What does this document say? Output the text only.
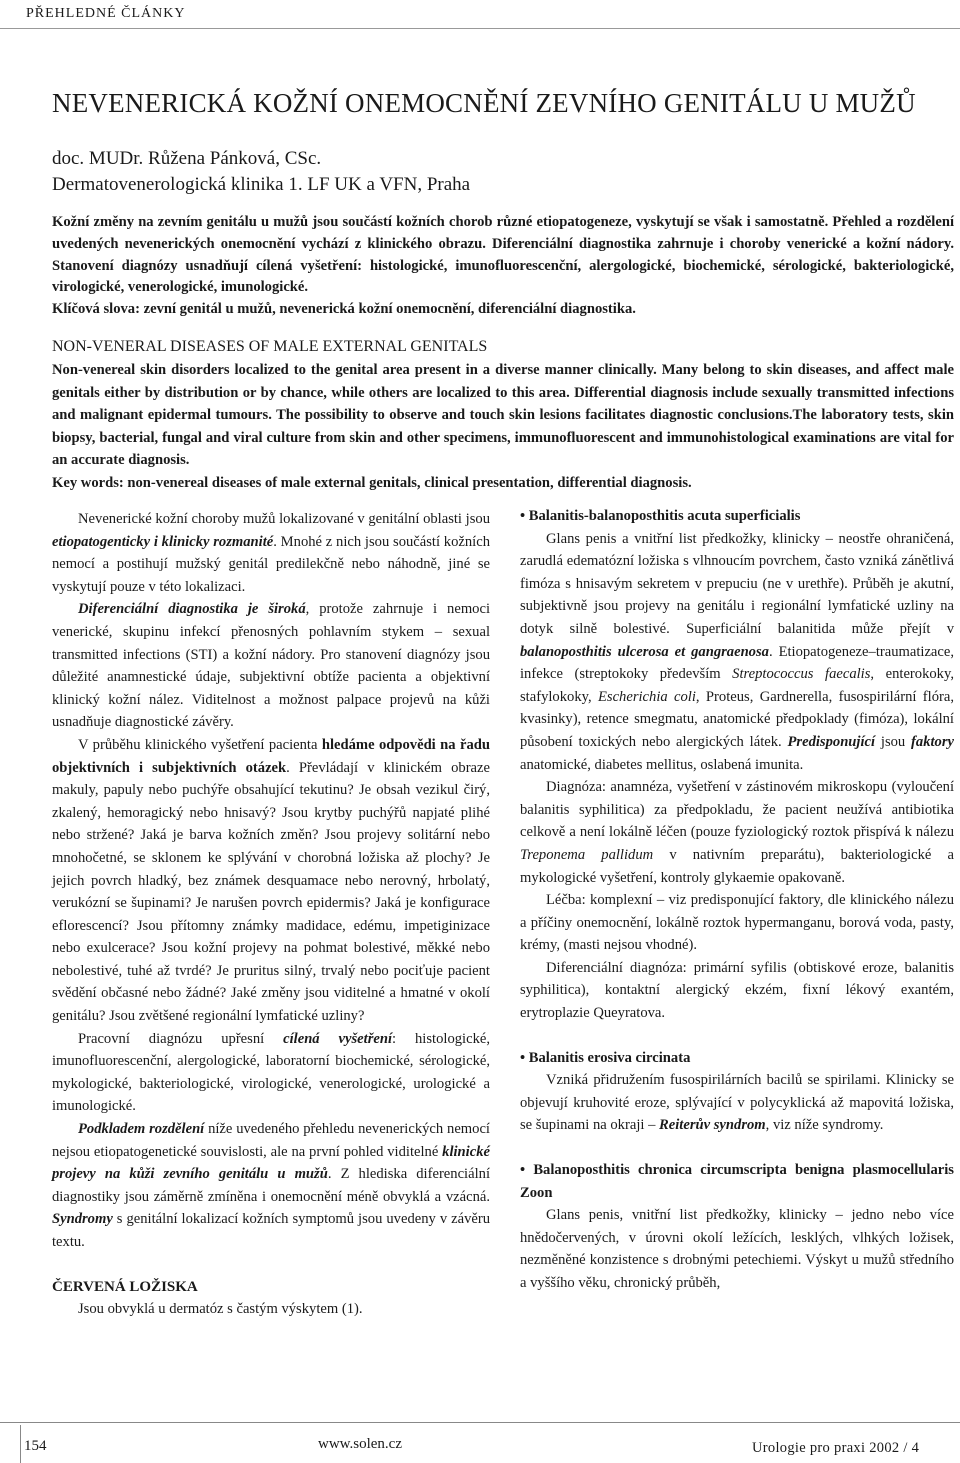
PŘEHLEDNÉ ČLÁNKY
NEVENERICKÁ KOŽNÍ ONEMOCNĚNÍ ZEVNÍHO GENITÁLU U MUŽŮ
doc. MUDr. Růžena Pánková, CSc.
Dermatovenerologická klinika 1. LF UK a VFN, Praha

Kožní změny na zevním genitálu u mužů jsou součástí kožních chorob různé etiopatogeneze, vyskytují se však i samostatně. Přehled a rozdělení uvedených nevenerických onemocnění vychází z klinického obrazu. Diferenciální diagnostika zahrnuje i choroby venerické a kožní nádory. Stanovení diagnózy usnadňují cílená vyšetření: histologické, imunofluorescenční, alergologické, biochemické, sérologické, bakteriologické, virologické, venerologické, imunologické.

Klíčová slova: zevní genitál u mužů, nevenerická kožní onemocnění, diferenciální diagnostika.

NON-VENERAL DISEASES OF MALE EXTERNAL GENITALS

Non-venereal skin disorders localized to the genital area present in a diverse manner clinically. Many belong to skin diseases, and affect male genitals either by distribution or by chance, while others are localized to this area. Differential diagnosis include sexually transmitted infections and malignant epidermal tumours. The possibility to observe and touch skin lesions facilitates diagnostic conclusions.The laboratory tests, skin biopsy, bacterial, fungal and viral culture from skin and other specimens, immunofluorescent and immunohistological examinations are vital for an accurate diagnosis.

Key words: non-venereal diseases of male external genitals, clinical presentation, differential diagnosis.

Nevenerické kožní choroby mužů lokalizované v genitální oblasti jsou etiopatogenticky i klinicky rozmanité. Mnohé z nich jsou součástí kožních nemocí a postihují mužský genitál predilekčně nebo náhodně, jiné se vyskytují pouze v této lokalizaci.

Diferenciální diagnostika je široká, protože zahrnuje i nemoci venerické, skupinu infekcí přenosných pohlavním stykem – sexual transmitted infections (STI) a kožní nádory. Pro stanovení diagnózy jsou důležité anamnestické údaje, subjektivní obtíže pacienta a objektivní klinický kožní nález. Viditelnost a možnost palpace projevů na kůži usnadňuje diagnostické závěry.

V průběhu klinického vyšetření pacienta hledáme odpovědi na řadu objektivních i subjektivních otázek. Převládají v klinickém obraze makuly, papuly nebo puchýře obsahující tekutinu? Je obsah vezikul čirý, zkalený, hemoragický nebo hnisavý? Jsou krytby puchýřů napjaté plihé nebo stržené? Jaká je barva kožních změn? Jsou projevy solitární nebo mnohočetné, se sklonem ke splývání v chorobná ložiska až plochy? Je jejich povrch hladký, bez známek desquamace nebo nerovný, hrbolatý, verukózní se šupinami? Je narušen povrch epidermis? Jaká je konfigurace eflorescencí? Jsou přítomny známky madidace, edému, impetiginizace nebo exulcerace? Jsou kožní projevy na pohmat bolestivé, měkké nebo nebolestivé, tuhé až tvrdé? Je pruritus silný, trvalý nebo pociťuje pacient svědění občasné nebo žádné? Jaké změny jsou viditelné a hmatné v okolí genitálu? Jsou zvětšené regionální lymfatické uzliny?

Pracovní diagnózu upřesní cílená vyšetření: histologické, imunofluorescenční, alergologické, laboratorní biochemické, sérologické, mykologické, bakteriologické, virologické, venerologické, urologické a imunologické.

Podkladem rozdělení níže uvedeného přehledu nevenerických nemocí nejsou etiopatogenetické souvislosti, ale na první pohled viditelné klinické projevy na kůži zevního genitálu u mužů. Z hlediska diferenciální diagnostiky jsou záměrně zmíněna i onemocnění méně obvyklá a vzácná. Syndromy s genitální lokalizací kožních symptomů jsou uvedeny v závěru textu.

ČERVENÁ LOŽISKA

Jsou obvyklá u dermatóz s častým výskytem (1).

• Balanitis-balanoposthitis acuta superficialis

Glans penis a vnitřní list předkožky, klinicky – neostře ohraničená, zarudlá edematózní ložiska s vlhnoucím povrchem, často vzniká zánětlivá fimóza s hnisavým sekretem v prepuciu (ne v urethře). Průběh je akutní, subjektivně jsou projevy na genitálu i regionální lymfatické uzliny na dotyk silně bolestivé. Superficiální balanitida může přejít v balanoposthitis ulcerosa et gangraenosa. Etiopatogeneze–traumatizace, infekce (streptokoky především Streptococcus faecalis, enterokoky, stafylokoky, Escherichia coli, Proteus, Gardnerella, fusospirilární flóra, kvasinky), retence smegmatu, anatomické předpoklady (fimóza), lokální působení toxických nebo alergických látek. Predisponující jsou faktory anatomické, diabetes mellitus, oslabená imunita.

Diagnóza: anamnéza, vyšetření v zástinovém mikroskopu (vyloučení balanitis syphilitica) za předpokladu, že pacient neužívá antibiotika celkově a není lokálně léčen (pouze fyziologický roztok přispívá k nálezu Treponema pallidum v nativním preparátu), bakteriologické a mykologické vyšetření, kontroly glykaemie opakovaně.

Léčba: komplexní – viz predisponující faktory, dle klinického nálezu a příčiny onemocnění, lokálně roztok hypermanganu, borová voda, pasty, krémy, (masti nejsou vhodné).

Diferenciální diagnóza: primární syfilis (obtiskové eroze, balanitis syphilitica), kontaktní alergický ekzém, fixní lékový exantém, erytroplazie Queyratova.

• Balanitis erosiva circinata

Vzniká přidružením fusospirilárních bacilů se spirilami. Klinicky se objevují kruhovité eroze, splývající v polycyklická až mapovitá ložiska, se šupinami na okraji – Reiterův syndrom, viz níže syndromy.

• Balanoposthitis chronica circumscripta benigna plasmocellularis Zoon

Glans penis, vnitřní list předkožky, klinicky – jedno nebo více hnědočervených, v úrovni okolí ležících, lesklých, vlhkých ložisek, nezměněné konzistence s drobnými petechiemi. Výskyt u mužů středního a vyššího věku, chronický průběh,

154	www.solen.cz	Urologie pro praxi 2002 / 4
